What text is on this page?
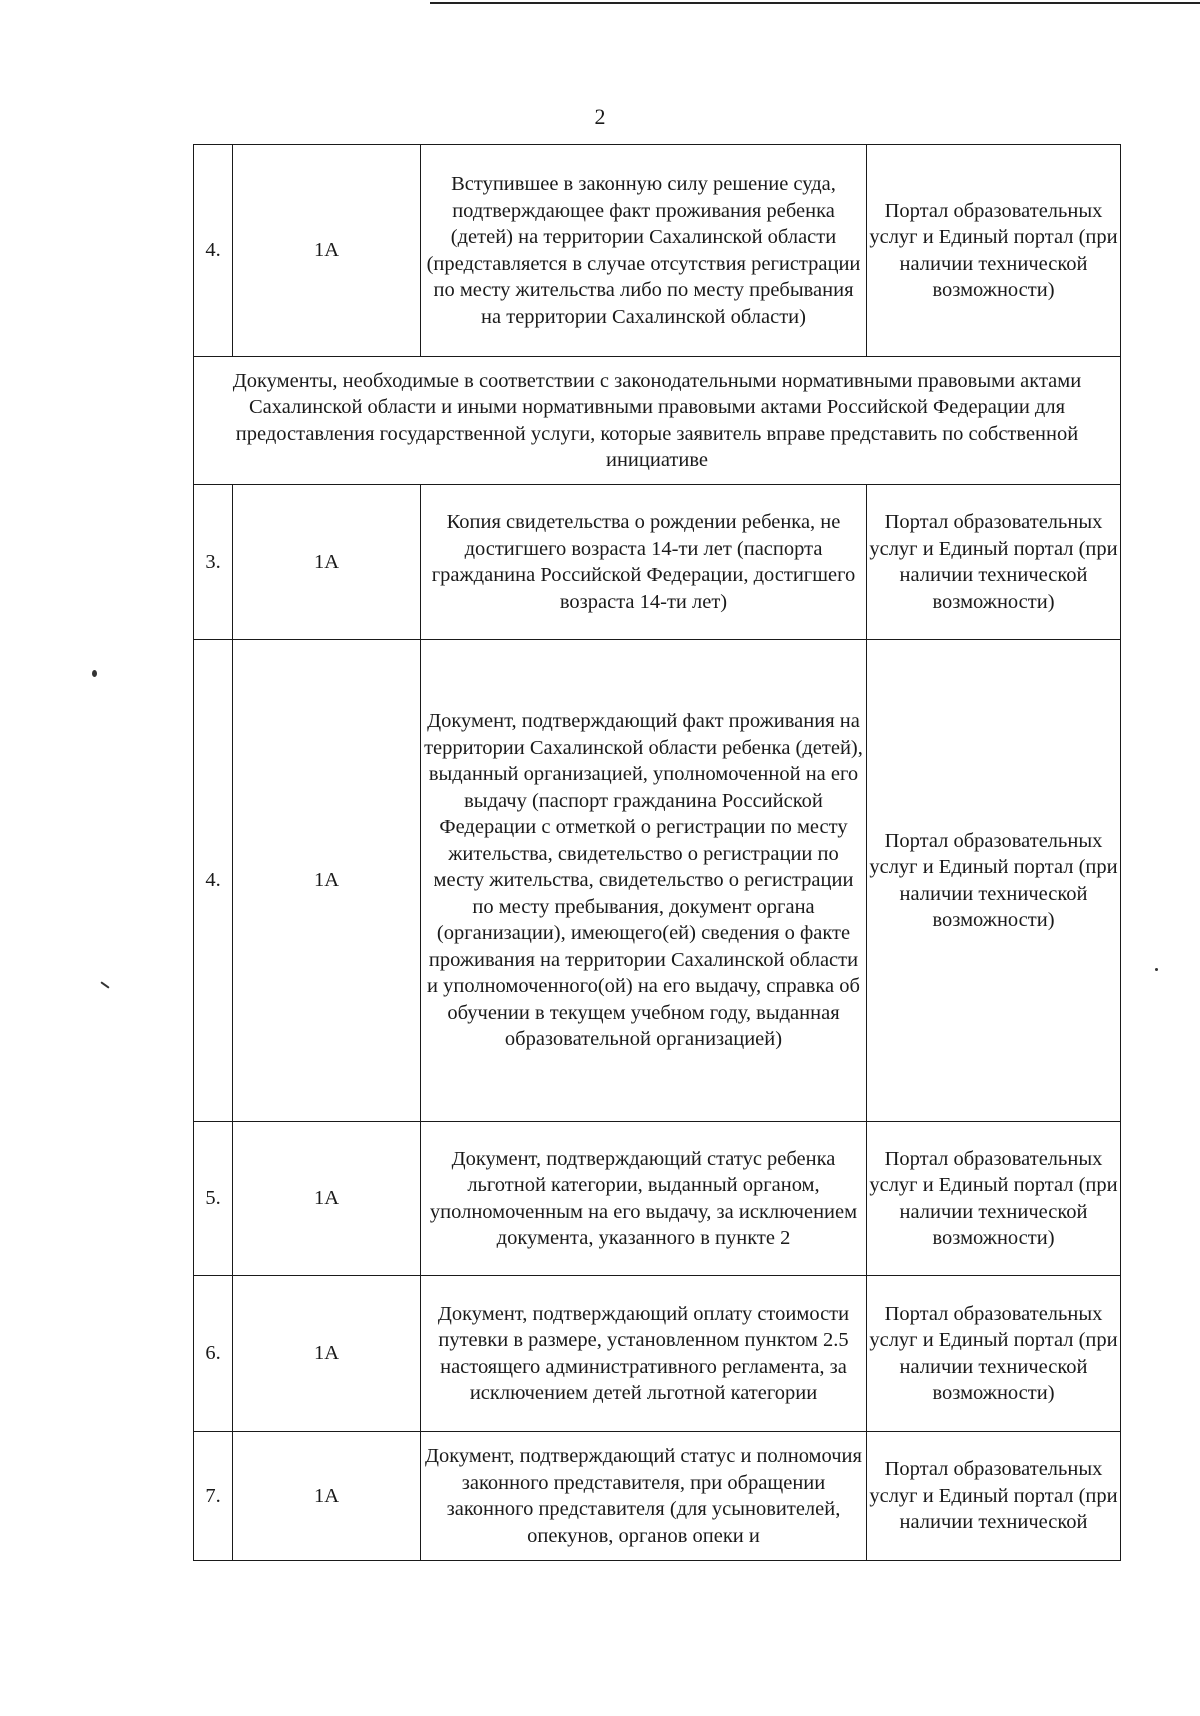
2
4.	1А	Вступившее в законную силу решение суда, подтверждающее факт проживания ребенка (детей) на территории Сахалинской области (представляется в случае отсутствия регистрации по месту жительства либо по месту пребывания на территории Сахалинской области)	Портал образовательных услуг и Единый портал (при наличии технической возможности)
Документы, необходимые в соответствии с законодательными нормативными правовыми актами Сахалинской области и иными нормативными правовыми актами Российской Федерации для предоставления государственной услуги, которые заявитель вправе представить по собственной инициативе			
3.	1А	Копия свидетельства о рождении ребенка, не достигшего возраста 14-ти лет (паспорта гражданина Российской Федерации, достигшего возраста 14-ти лет)	Портал образовательных услуг и Единый портал (при наличии технической возможности)
4.	1А	Документ, подтверждающий факт проживания на территории Сахалинской области ребенка (детей), выданный организацией, уполномоченной на его выдачу (паспорт гражданина Российской Федерации с отметкой о регистрации по месту жительства, свидетельство о регистрации по месту жительства, свидетельство о регистрации по месту пребывания, документ органа (организации), имеющего(ей) сведения о факте проживания на территории Сахалинской области и уполномоченного(ой) на его выдачу, справка об обучении в текущем учебном году, выданная образовательной организацией)	Портал образовательных услуг и Единый портал (при наличии технической возможности)
5.	1А	Документ, подтверждающий статус ребенка льготной категории, выданный органом, уполномоченным на его выдачу, за исключением документа, указанного в пункте 2	Портал образовательных услуг и Единый портал (при наличии технической возможности)
6.	1А	Документ, подтверждающий оплату стоимости путевки в размере, установленном пунктом 2.5 настоящего административного регламента, за исключением детей льготной категории	Портал образовательных услуг и Единый портал (при наличии технической возможности)
7.	1А	Документ, подтверждающий статус и полномочия законного представителя, при обращении законного представителя (для усыновителей, опекунов, органов опеки и	Портал образовательных услуг и Единый портал (при наличии технической
